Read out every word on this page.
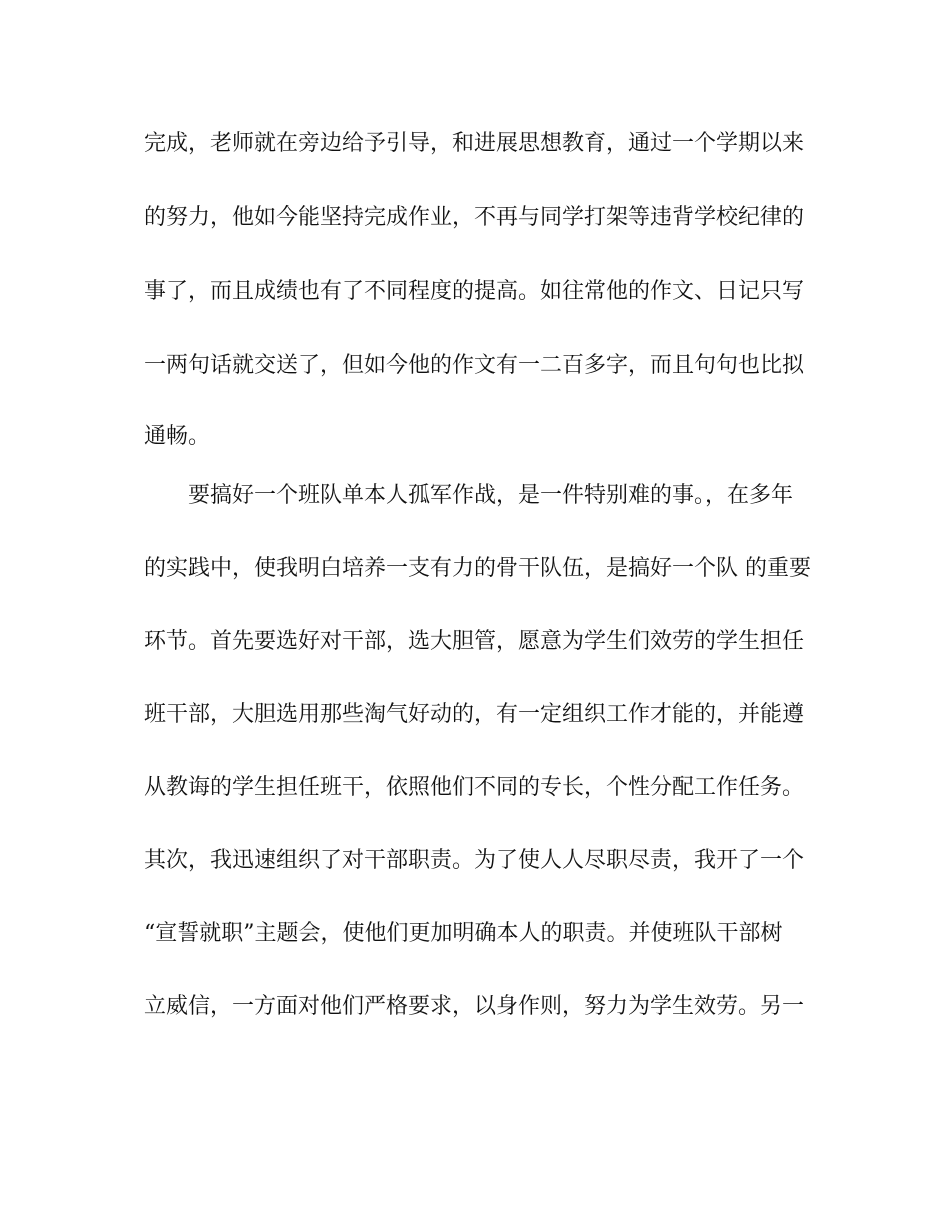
完成，老师就在旁边给予引导，和进展思想教育，通过一个学期以来
的努力，他如今能坚持完成作业，不再与同学打架等违背学校纪律的
事了，而且成绩也有了不同程度的提高。如往常他的作文、日记只写
一两句话就交送了，但如今他的作文有一二百多字，而且句句也比拟
通畅。
要搞好一个班队单本人孤军作战，是一件特别难的事。，在多年
的实践中，使我明白培养一支有力的骨干队伍，是搞好一个队 的重要
环节。首先要选好对干部，选大胆管，愿意为学生们效劳的学生担任
班干部，大胆选用那些淘气好动的，有一定组织工作才能的，并能遵
从教诲的学生担任班干，依照他们不同的专长，个性分配工作任务。
其次，我迅速组织了对干部职责。为了使人人尽职尽责，我开了一个
“宣誓就职”主题会，使他们更加明确本人的职责。并使班队干部树
立威信，一方面对他们严格要求，以身作则，努力为学生效劳。另一
